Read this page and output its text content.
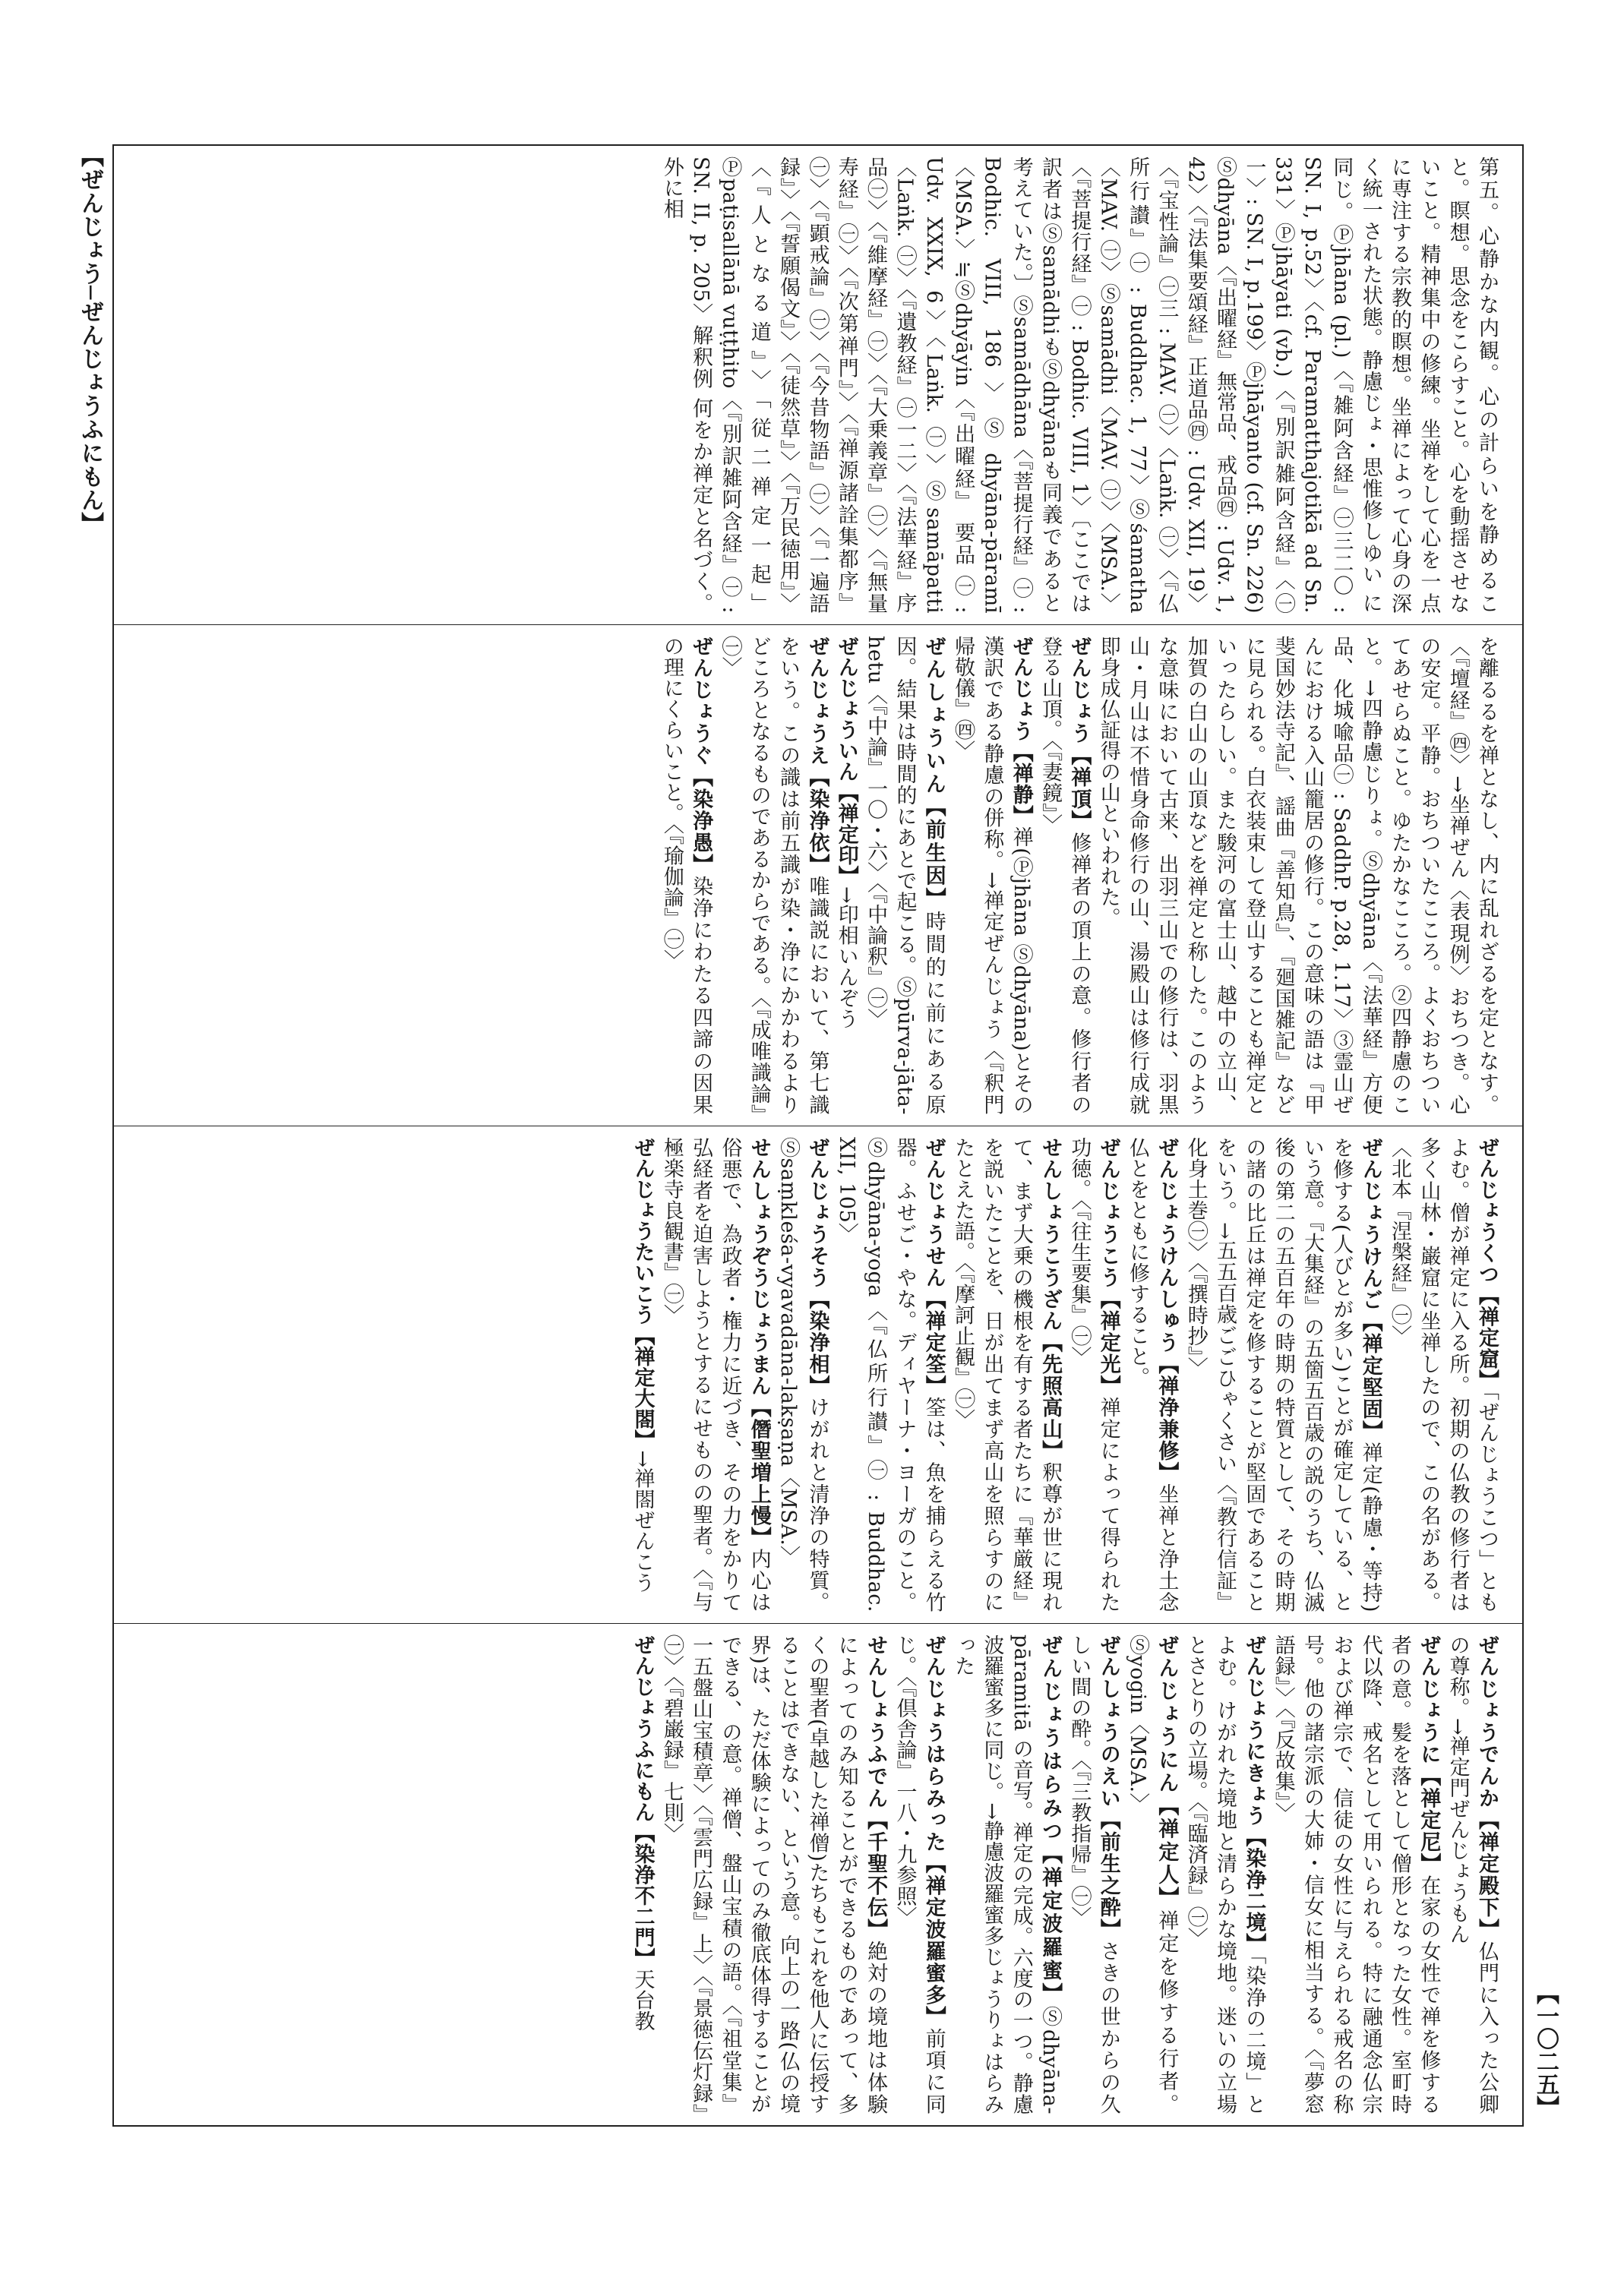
【ぜんじょう─ぜんじょうふにもん】
【一〇二五】

第五。心静かな内観。心の計らいを静めること。瞑想。思念をこらすこと。心を動揺させないこと。精神集中の修練。坐禅をして心を一点に専注する宗教的瞑想。坐禅によって心身の深く統一された状態。静慮じょ・思惟修しゆい に同じ。Ⓟjhāna (pl.)〈『雑阿含経』㊀三二〇 : SN. I, p.52〉〈cf. Paramatthajotikā ad Sn. 331〉Ⓟjhāyati (vb.)〈『別訳雑阿含経』〈㊀一〉: SN. I, p.199〉Ⓟjhāyanto (cf. Sn. 226) Ⓢdhyāna〈『出曜経』無常品、戒品㊃ : Udv. 1, 42〉〈『法集要頌経』正道品㊃ : Udv. XII, 19〉〈『宝性論』㊀三 : MAV. ㊀〉〈Laṅk. ㊀〉〈『仏所行讃』㊀ : Buddhac. 1, 77〉Ⓢśamatha〈MAV. ㊀〉Ⓢsamādhi〈MAV. ㊀〉〈MSA.〉〈『菩提行経』㊀ : Bodhic. VIII, 1〉〔ここでは訳者はⓈsamādhiもⓈdhyānaも同義であると考えていた。〕Ⓢsamādhāna〈『菩提行経』㊀ : Bodhic. VIII, 186〉Ⓢdhyāna-pāramī〈MSA.〉≒Ⓢdhyāyin〈『出曜経』 要品 ㊀ : Udv. XXIX, 6〉〈Laṅk. ㊀〉Ⓢsamāpatti〈Laṅk. ㊀〉〈『遺教経』㊀一二〉〈『法華経』序品㊀〉〈『維摩経』㊀〉〈『大乗義章』㊀〉〈『無量寿経』㊀〉〈『次第禅門』〉〈『禅源諸詮集都序』㊀〉〈『顕戒論』㊀〉〈『今昔物語』㊀〉〈『一遍語録』〉〈『誓願偈文』〉〈『徒然草』〉〈『万民徳用』〉〈『人となる道』〉「従二禅定一起」Ⓟpaṭisallānā vuṭṭhito〈『別訳雑阿含経』㊀ : SN. II, p. 205〉解釈例 何をか禅定と名づく。外に相

を離るるを禅となし、内に乱れざるを定となす。〈『壇経』㊃〉→坐禅ぜん〈表現例〉おちつき。心の安定。平静。おちついたこころ。よくおちついてあせらぬこと。ゆたかなこころ。②四静慮のこと。→四静慮じりょ。Ⓢdhyāna〈『法華経』方便品、化城喩品㊀ : SaddhP. p.28, 1.17〉③霊山ぜんにおける入山籠居の修行。この意味の語は『甲斐国妙法寺記』、謡曲『善知鳥』、『廻国雑記』などに見られる。白衣装束して登山することも禅定といったらしい。また駿河の富士山、越中の立山、加賀の白山の山頂などを禅定と称した。このような意味において古来、出羽三山での修行は、羽黒山・月山は不惜身命修行の山、湯殿山は修行成就即身成仏証得の山といわれた。

ぜんじょう【禅頂】修禅者の頂上の意。修行者の登る山頂。〈『妻鏡』〉

ぜんじょう【禅静】禅(Ⓟjhāna Ⓢdhyāna)とその漢訳である静慮の併称。→禅定ぜんじょう〈『釈門帰敬儀』㊃〉

ぜんしょういん【前生因】時間的に前にある原因。結果は時間的にあとで起こる。Ⓢpūrva-jāta-hetu〈『中論』一〇・六〉〈『中論釈』㊀〉

ぜんじょういん【禅定印】→印相いんぞう

ぜんじょうえ【染浄依】唯識説において、第七識をいう。この識は前五識が染・浄にかかわるよりどころとなるものであるからである。〈『成唯識論』㊀〉

ぜんじょうぐ【染浄愚】染浄にわたる四諦の因果の理にくらいこと。〈『瑜伽論』㊀〉

ぜんじょうくつ【禅定窟】「ぜんじょうこつ」ともよむ。僧が禅定に入る所。初期の仏教の修行者は多く山林・巌窟に坐禅したので、この名がある。〈北本『涅槃経』㊀〉

ぜんじょうけんご【禅定堅固】禅定(静慮・等持)を修する(人びとが多い)ことが確定している、という意。『大集経』の五箇五百歳の説のうち、仏滅後の第二の五百年の時期の特質として、その時期の諸の比丘は禅定を修することが堅固であることをいう。→五五百歳ごごひゃくさい〈『教行信証』化身土巻㊀〉〈『撰時抄』〉

ぜんじょうけんしゅう【禅浄兼修】坐禅と浄土念仏とをともに修すること。

ぜんじょうこう【禅定光】禅定によって得られた功徳。〈『往生要集』㊀〉

せんしょうこうざん【先照高山】釈尊が世に現れて、まず大乗の機根を有する者たちに『華厳経』を説いたことを、日が出てまず高山を照らすのにたとえた語。〈『摩訶止観』㊀〉

ぜんじょうせん【禅定筌】筌は、魚を捕らえる竹器。ふせご・やな。ディヤーナ・ヨーガのこと。Ⓢdhyāna-yoga〈『仏所行讃』㊀ : Buddhac. XII, 105〉

ぜんじょうそう【染浄相】けがれと清浄の特質。Ⓢsaṃkleśa-vyavadāna-lakṣaṇa〈MSA.〉

せんしょうぞうじょうまん【僭聖増上慢】内心は俗悪で、為政者・権力に近づき、その力をかりて弘経者を迫害しようとするにせものの聖者。〈『与極楽寺良観書』㊀〉

ぜんじょうたいこう【禅定大閤】→禅閤ぜんこう

ぜんじょうでんか【禅定殿下】仏門に入った公卿の尊称。→禅定門ぜんじょうもん

ぜんじょうに【禅定尼】在家の女性で禅を修する者の意。髪を落として僧形となった女性。室町時代以降、戒名として用いられる。特に融通念仏宗および禅宗で、信徒の女性に与えられる戒名の称号。他の諸宗派の大姉・信女に相当する。〈『夢窓語録』〉〈『反故集』〉

ぜんじょうにきょう【染浄二境】「染浄の二境」とよむ。けがれた境地と清らかな境地。迷いの立場とさとりの立場。〈『臨済録』㊀〉

ぜんじょうにん【禅定人】禅定を修する行者。Ⓢyogin〈MSA.〉

ぜんしょうのえい【前生之酔】さきの世からの久しい間の酔。〈『三教指帰』㊀〉

ぜんじょうはらみつ【禅定波羅蜜】Ⓢdhyāna-pāramitā の音写。禅定の完成。六度の一つ。静慮波羅蜜多に同じ。→静慮波羅蜜多じょうりょはらみった

ぜんじょうはらみった【禅定波羅蜜多】前項に同じ。〈『倶舎論』一八・九参照〉

せんしょうふでん【千聖不伝】絶対の境地は体験によってのみ知ることができるものであって、多くの聖者(卓越した禅僧)たちもこれを他人に伝授することはできない、という意。向上の一路(仏の境界)は、ただ体験によってのみ徹底体得することができる、の意。禅僧、盤山宝積の語。〈『祖堂集』一五盤山宝積章〉〈『雲門広録』上〉〈『景徳伝灯録』㊀〉〈『碧巌録』七則〉

ぜんじょうふにもん【染浄不二門】天台教
